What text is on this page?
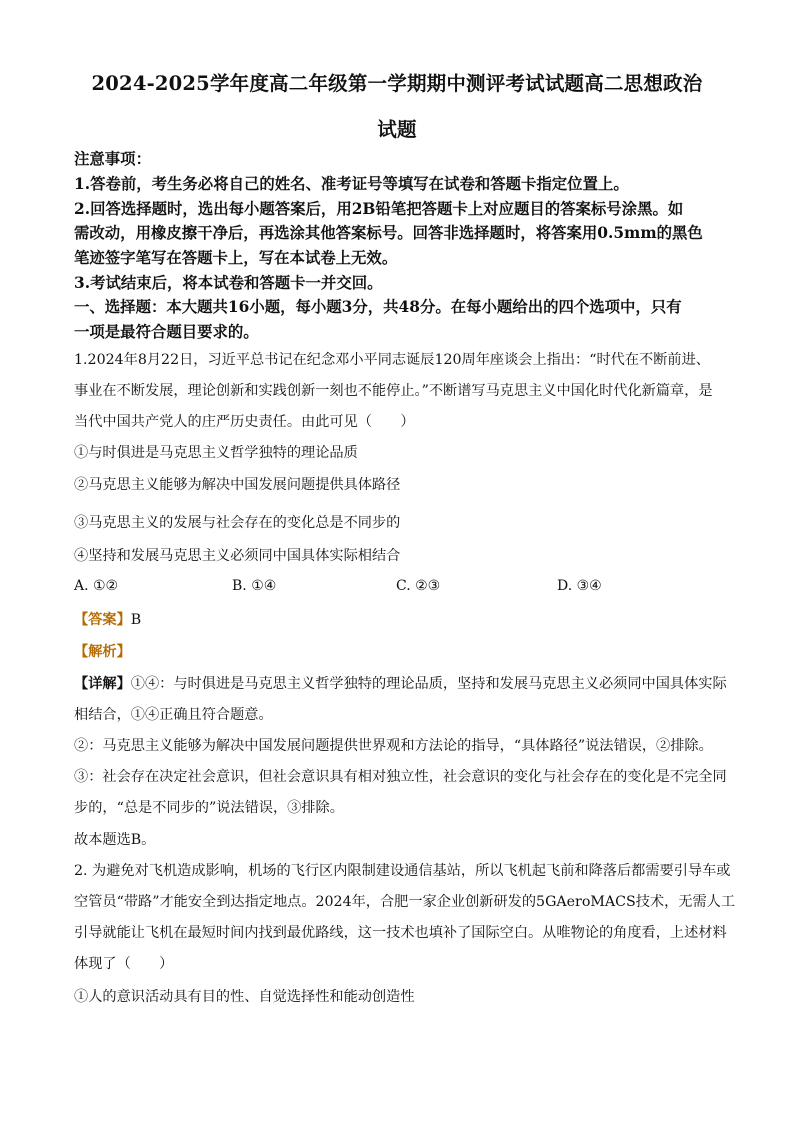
2024-2025学年度高二年级第一学期期中测评考试试题高二思想政治
试题
注意事项：
1.答卷前，考生务必将自己的姓名、准考证号等填写在试卷和答题卡指定位置上。
2.回答选择题时，选出每小题答案后，用2B铅笔把答题卡上对应题目的答案标号涂黑。如
需改动，用橡皮擦干净后，再选涂其他答案标号。回答非选择题时，将答案用0.5mm的黑色
笔迹签字笔写在答题卡上，写在本试卷上无效。
3.考试结束后，将本试卷和答题卡一并交回。
一、选择题：本大题共16小题，每小题3分，共48分。在每小题给出的四个选项中，只有
一项是最符合题目要求的。
1.2024年8月22日，习近平总书记在纪念邓小平同志诞辰120周年座谈会上指出：“时代在不断前进、
事业在不断发展，理论创新和实践创新一刻也不能停止。”不断谱写马克思主义中国化时代化新篇章，是
当代中国共产党人的庄严历史责任。由此可见（　　）
①与时俱进是马克思主义哲学独特的理论品质
②马克思主义能够为解决中国发展问题提供具体路径
③马克思主义的发展与社会存在的变化总是不同步的
④坚持和发展马克思主义必须同中国具体实际相结合
A. ①②	B. ①④	C. ②③	D. ③④
【答案】B
【解析】
【详解】①④：与时俱进是马克思主义哲学独特的理论品质，坚持和发展马克思主义必须同中国具体实际
相结合，①④正确且符合题意。
②：马克思主义能够为解决中国发展问题提供世界观和方法论的指导，“具体路径”说法错误，②排除。
③：社会存在决定社会意识，但社会意识具有相对独立性，社会意识的变化与社会存在的变化是不完全同
步的，“总是不同步的”说法错误，③排除。
故本题选B。
2. 为避免对飞机造成影响，机场的飞行区内限制建设通信基站，所以飞机起飞前和降落后都需要引导车或
空管员“带路”才能安全到达指定地点。2024年，合肥一家企业创新研发的5GAeroMACS技术，无需人工
引导就能让飞机在最短时间内找到最优路线，这一技术也填补了国际空白。从唯物论的角度看，上述材料
体现了（　　）
①人的意识活动具有目的性、自觉选择性和能动创造性
